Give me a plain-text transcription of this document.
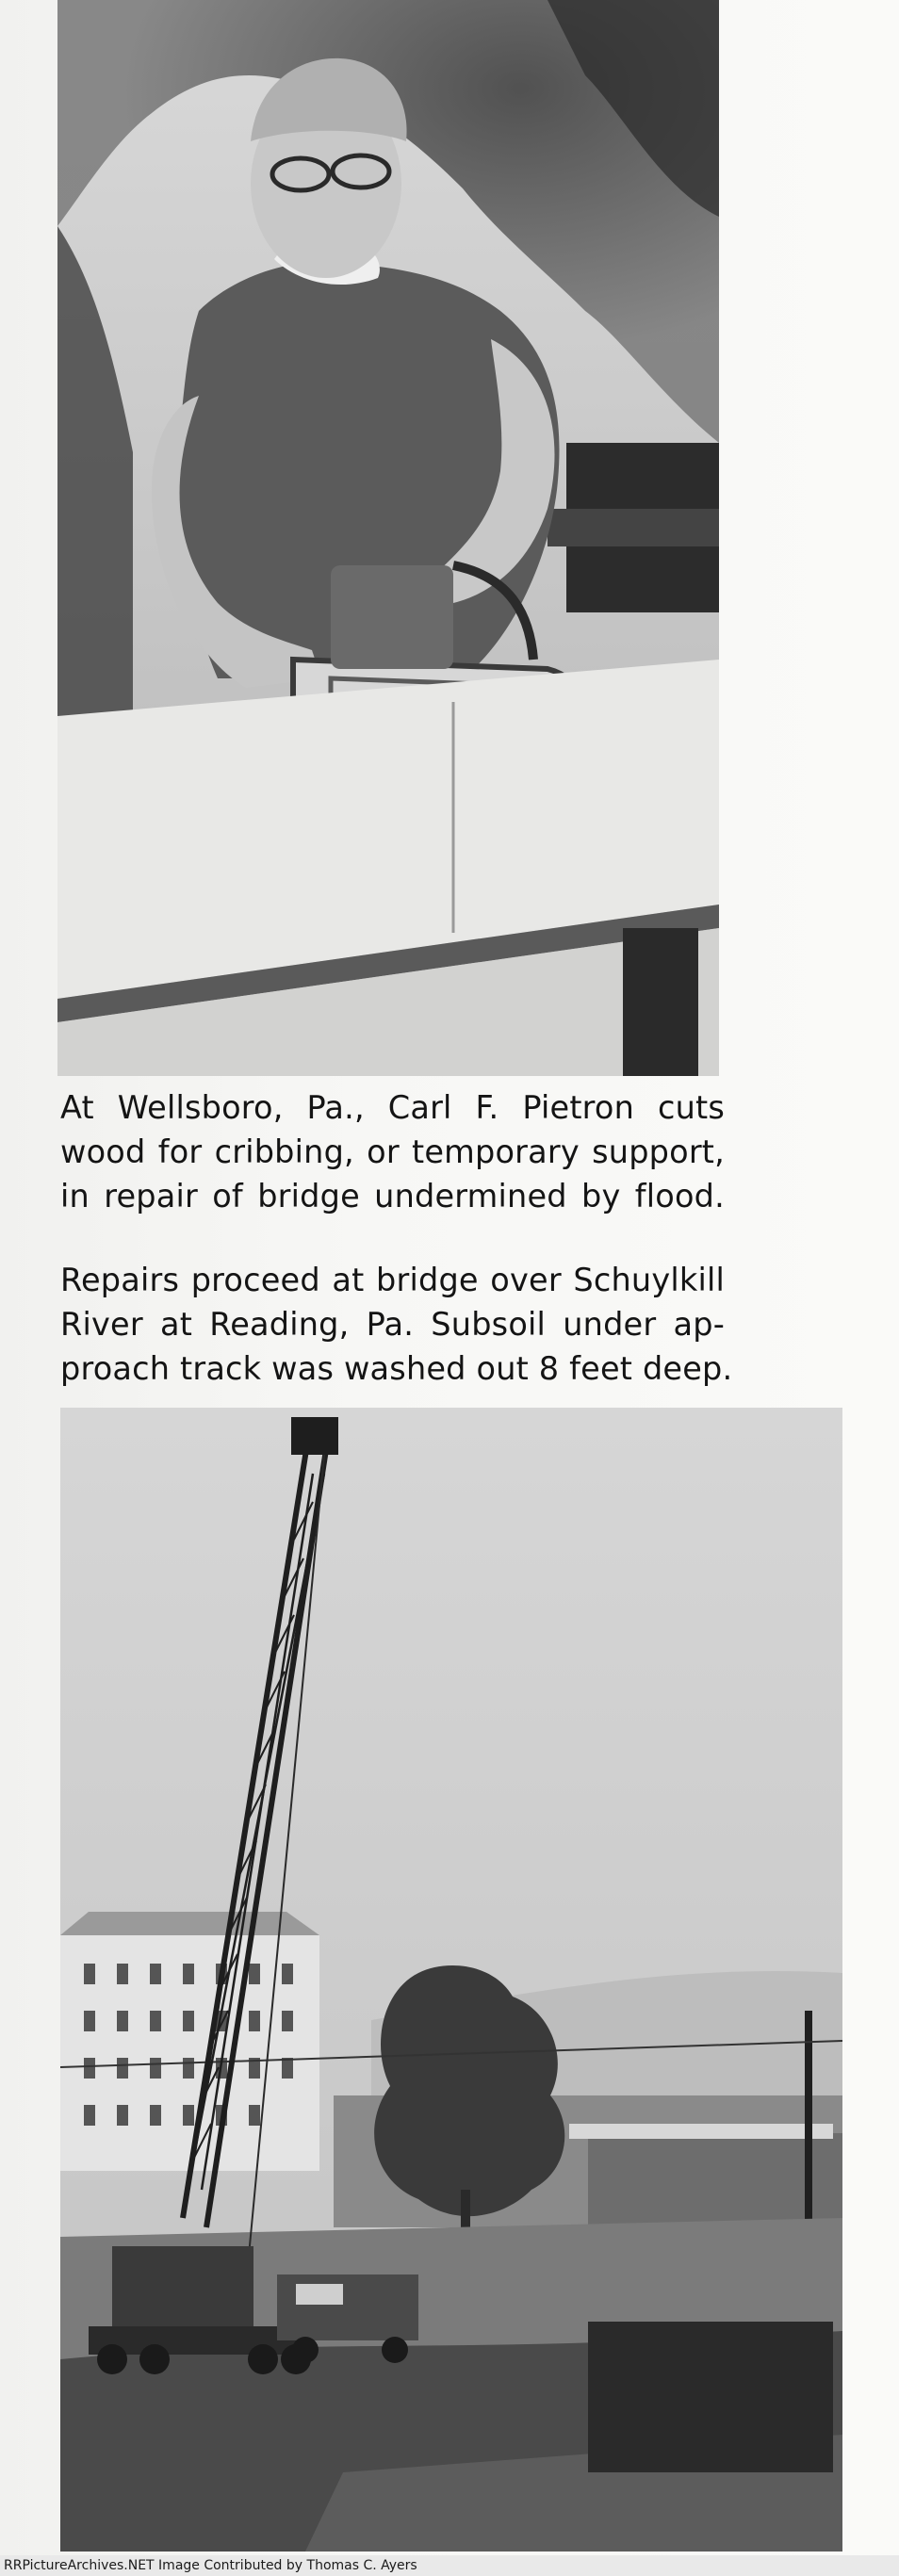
At Wellsboro, Pa., Carl F. Pietron cuts
wood for cribbing, or temporary support,
in repair of bridge undermined by flood.
Repairs proceed at bridge over Schuylkill
River at Reading, Pa. Subsoil under ap-
proach track was washed out 8 feet deep.
RRPictureArchives.NET Image Contributed by Thomas C. Ayers
